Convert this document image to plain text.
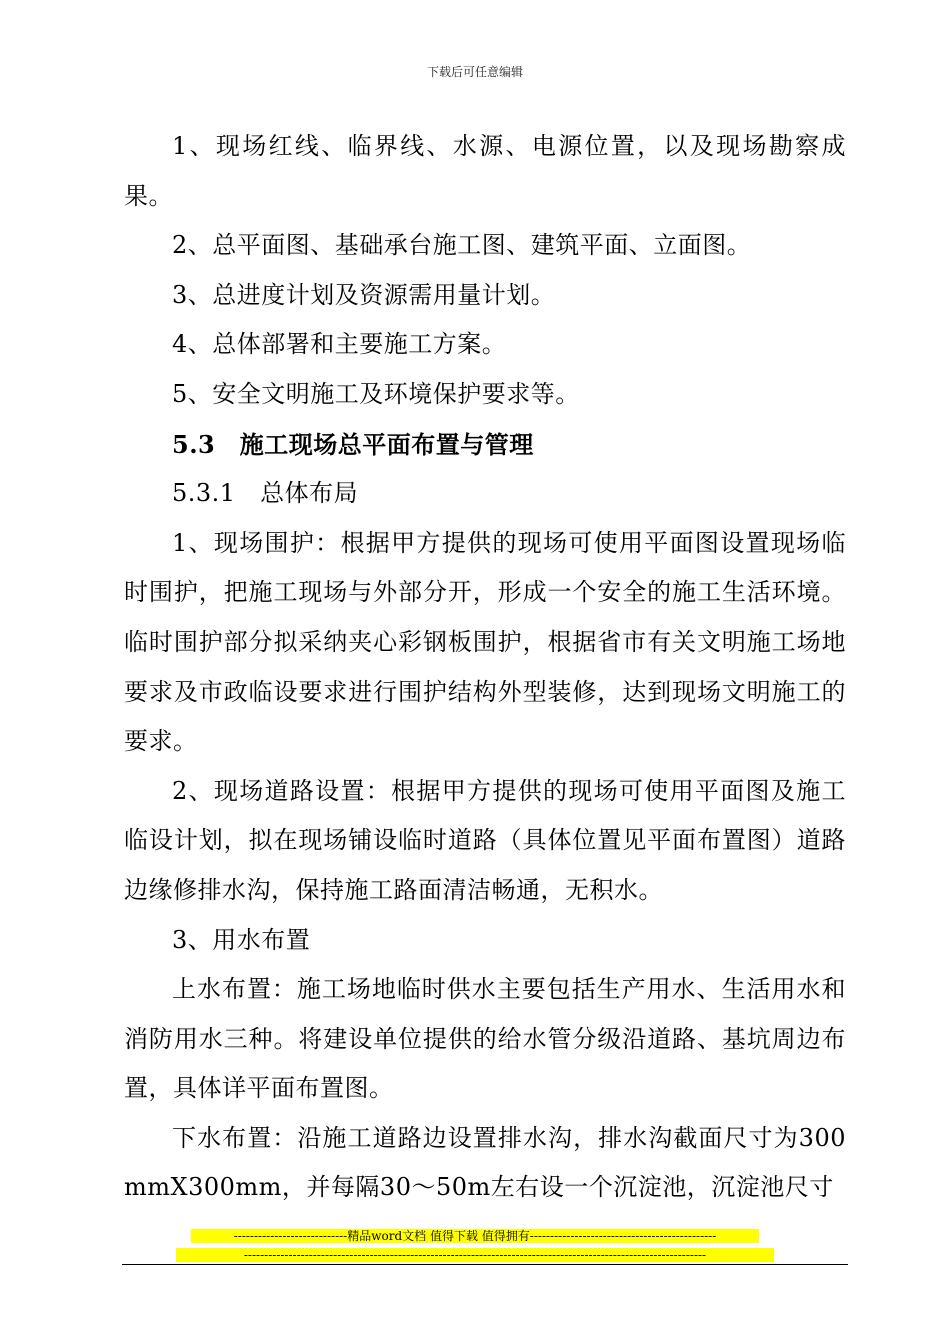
下载后可任意编辑

1、现场红线、临界线、水源、电源位置，以及现场勘察成果。

2、总平面图、基础承台施工图、建筑平面、立面图。

3、总进度计划及资源需用量计划。

4、总体部署和主要施工方案。

5、安全文明施工及环境保护要求等。

5.3　施工现场总平面布置与管理

5.3.1　总体布局

1、现场围护：根据甲方提供的现场可使用平面图设置现场临时围护，把施工现场与外部分开，形成一个安全的施工生活环境。临时围护部分拟采纳夹心彩钢板围护，根据省市有关文明施工场地要求及市政临设要求进行围护结构外型装修，达到现场文明施工的要求。

2、现场道路设置：根据甲方提供的现场可使用平面图及施工临设计划，拟在现场铺设临时道路（具体位置见平面布置图）道路边缘修排水沟，保持施工路面清洁畅通，无积水。

3、用水布置

上水布置：施工场地临时供水主要包括生产用水、生活用水和消防用水三种。将建设单位提供的给水管分级沿道路、基坑周边布置，具体详平面布置图。

下水布置：沿施工道路边设置排水沟，排水沟截面尺寸为300mmX300mm，并每隔30～50m左右设一个沉淀池，沉淀池尺寸

----------------------------精品word文档 值得下载 值得拥有----------------------------------------------
------------------------------------------------------------------------------------------------------------------
